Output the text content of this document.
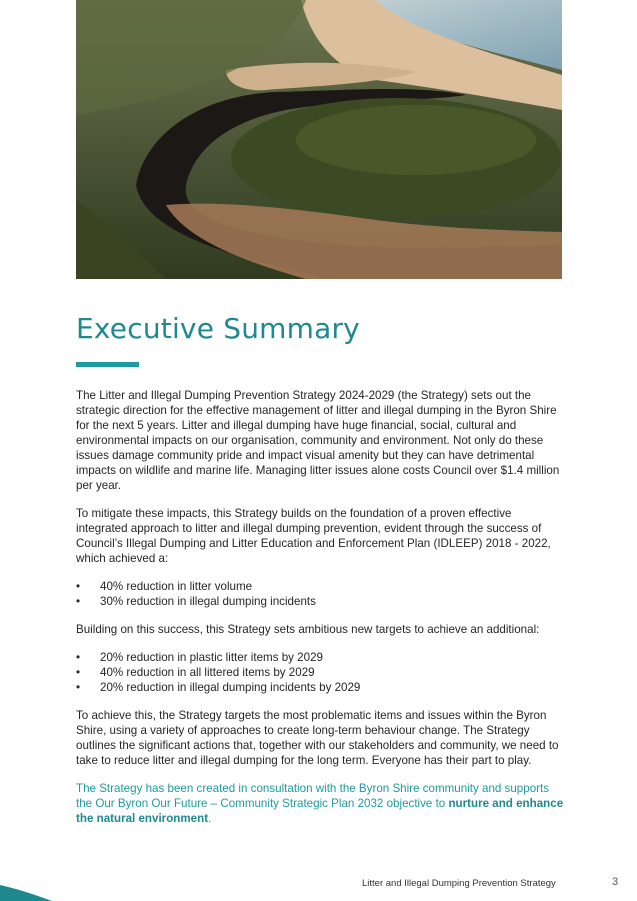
Executive Summary

The Litter and Illegal Dumping Prevention Strategy 2024-2029 (the Strategy) sets out the strategic direction for the effective management of litter and illegal dumping in the Byron Shire for the next 5 years. Litter and illegal dumping have huge financial, social, cultural and environmental impacts on our organisation, community and environment. Not only do these issues damage community pride and impact visual amenity but they can have detrimental impacts on wildlife and marine life. Managing litter issues alone costs Council over $1.4 million per year.

To mitigate these impacts, this Strategy builds on the foundation of a proven effective integrated approach to litter and illegal dumping prevention, evident through the success of Council’s Illegal Dumping and Litter Education and Enforcement Plan (IDLEEP) 2018 - 2022, which achieved a:

• 40% reduction in litter volume
• 30% reduction in illegal dumping incidents

Building on this success, this Strategy sets ambitious new targets to achieve an additional:

• 20% reduction in plastic litter items by 2029
• 40% reduction in all littered items by 2029
• 20% reduction in illegal dumping incidents by 2029

To achieve this, the Strategy targets the most problematic items and issues within the Byron Shire, using a variety of approaches to create long-term behaviour change. The Strategy outlines the significant actions that, together with our stakeholders and community, we need to take to reduce litter and illegal dumping for the long term. Everyone has their part to play.

The Strategy has been created in consultation with the Byron Shire community and supports the Our Byron Our Future – Community Strategic Plan 2032 objective to nurture and enhance the natural environment.

Litter and Illegal Dumping Prevention Strategy	3
